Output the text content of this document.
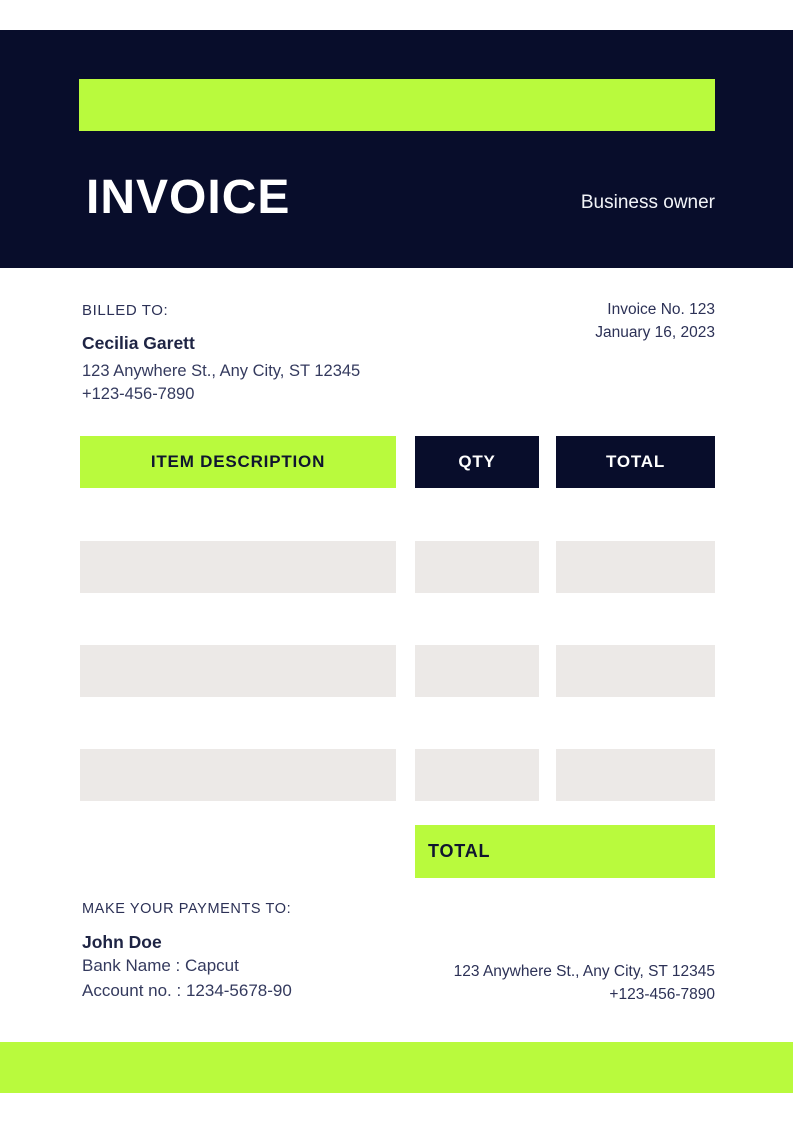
INVOICE	Business owner
BILLED TO:
Cecilia Garett
123 Anywhere St., Any City, ST 12345
+123-456-7890
Invoice No. 123
January 16, 2023
ITEM DESCRIPTION	QTY	TOTAL
TOTAL
MAKE YOUR PAYMENTS TO:
John Doe
Bank Name : Capcut
Account no. : 1234-5678-90
123 Anywhere St., Any City, ST 12345
+123-456-7890
